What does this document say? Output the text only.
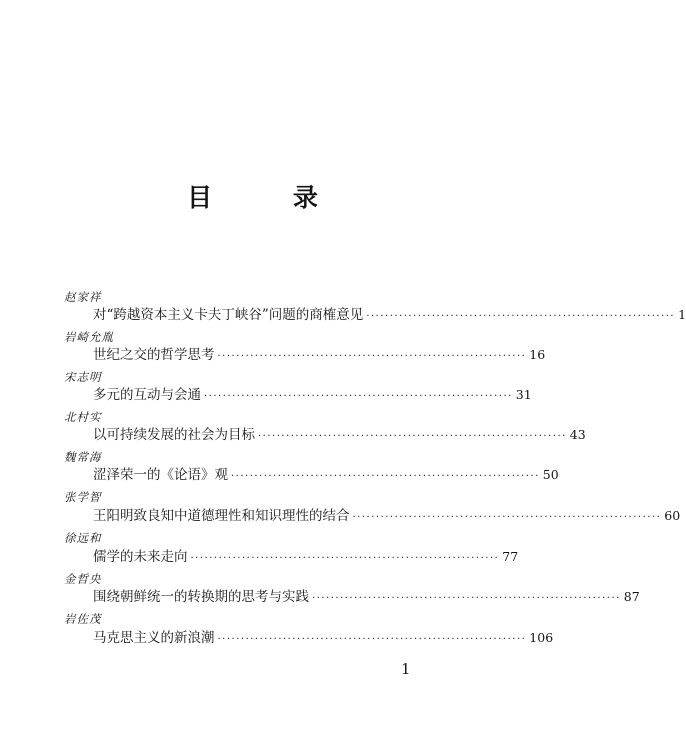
目 录
赵家祥
对“跨越资本主义卡夫丁峡谷”问题的商榷意见 ·································································· 1
岩崎允胤
世纪之交的哲学思考 ·································································· 16
宋志明
多元的互动与会通 ·································································· 31
北村实
以可持续发展的社会为目标 ·································································· 43
魏常海
涩泽荣一的《论语》观 ·································································· 50
张学智
王阳明致良知中道德理性和知识理性的结合 ·································································· 60
徐远和
儒学的未来走向 ·································································· 77
金哲央
围绕朝鲜统一的转换期的思考与实践 ·································································· 87
岩佐茂
马克思主义的新浪潮 ·································································· 106
1
